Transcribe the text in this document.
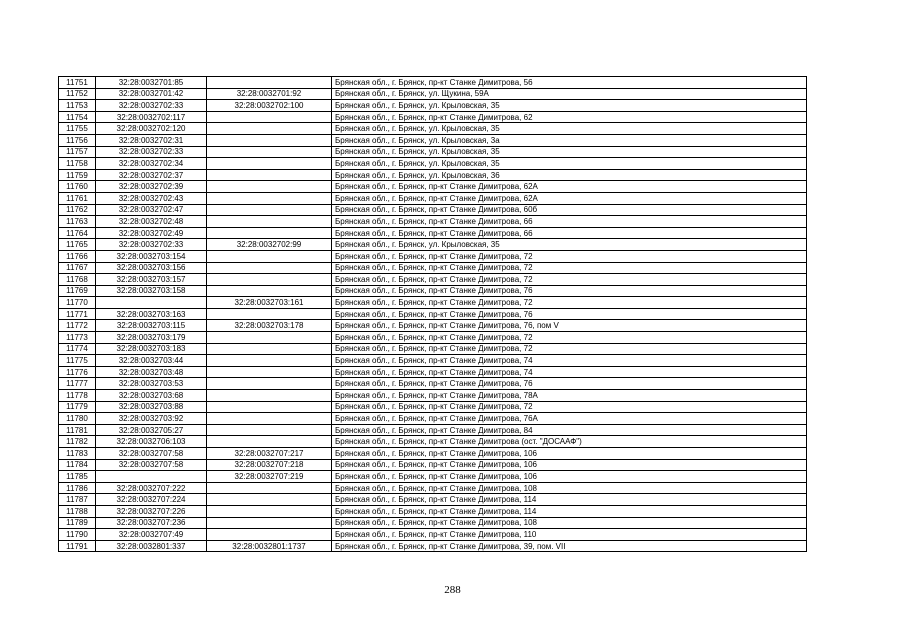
11751	32:28:0032701:85		Брянская обл., г. Брянск, пр-кт Станке Димитрова, 56
11752	32:28:0032701:42	32:28:0032701:92	Брянская обл., г. Брянск, ул. Щукина, 59А
11753	32:28:0032702:33	32:28:0032702:100	Брянская обл., г. Брянск, ул. Крыловская, 35
11754	32:28:0032702:117		Брянская обл., г. Брянск, пр-кт Станке Димитрова, 62
11755	32:28:0032702:120		Брянская обл., г. Брянск, ул. Крыловская, 35
11756	32:28:0032702:31		Брянская обл., г. Брянск, ул. Крыловская, 3а
11757	32:28:0032702:33		Брянская обл., г. Брянск, ул. Крыловская, 35
11758	32:28:0032702:34		Брянская обл., г. Брянск, ул. Крыловская, 35
11759	32:28:0032702:37		Брянская обл., г. Брянск, ул. Крыловская, 36
11760	32:28:0032702:39		Брянская обл., г. Брянск, пр-кт Станке Димитрова, 62А
11761	32:28:0032702:43		Брянская обл., г. Брянск, пр-кт Станке Димитрова, 62А
11762	32:28:0032702:47		Брянская обл., г. Брянск, пр-кт Станке Димитрова, 60б
11763	32:28:0032702:48		Брянская обл., г. Брянск, пр-кт Станке Димитрова, 66
11764	32:28:0032702:49		Брянская обл., г. Брянск, пр-кт Станке Димитрова, 66
11765	32:28:0032702:33	32:28:0032702:99	Брянская обл., г. Брянск, ул. Крыловская, 35
11766	32:28:0032703:154		Брянская обл., г. Брянск, пр-кт Станке Димитрова, 72
11767	32:28:0032703:156		Брянская обл., г. Брянск, пр-кт Станке Димитрова, 72
11768	32:28:0032703:157		Брянская обл., г. Брянск, пр-кт Станке Димитрова, 72
11769	32:28:0032703:158		Брянская обл., г. Брянск, пр-кт Станке Димитрова, 76
11770		32:28:0032703:161	Брянская обл., г. Брянск, пр-кт Станке Димитрова, 72
11771	32:28:0032703:163		Брянская обл., г. Брянск, пр-кт Станке Димитрова, 76
11772	32:28:0032703:115	32:28:0032703:178	Брянская обл., г. Брянск, пр-кт Станке Димитрова, 76, пом V
11773	32:28:0032703:179		Брянская обл., г. Брянск, пр-кт Станке Димитрова, 72
11774	32:28:0032703:183		Брянская обл., г. Брянск, пр-кт Станке Димитрова, 72
11775	32:28:0032703:44		Брянская обл., г. Брянск, пр-кт Станке Димитрова, 74
11776	32:28:0032703:48		Брянская обл., г. Брянск, пр-кт Станке Димитрова, 74
11777	32:28:0032703:53		Брянская обл., г. Брянск, пр-кт Станке Димитрова, 76
11778	32:28:0032703:68		Брянская обл., г. Брянск, пр-кт Станке Димитрова, 78А
11779	32:28:0032703:88		Брянская обл., г. Брянск, пр-кт Станке Димитрова, 72
11780	32:28:0032703:92		Брянская обл., г. Брянск, пр-кт Станке Димитрова, 76А
11781	32:28:0032705:27		Брянская обл., г. Брянск, пр-кт Станке Димитрова, 84
11782	32:28:0032706:103		Брянская обл., г. Брянск, пр-кт Станке Димитрова (ост. "ДОСААФ")
11783	32:28:0032707:58	32:28:0032707:217	Брянская обл., г. Брянск, пр-кт Станке Димитрова, 106
11784	32:28:0032707:58	32:28:0032707:218	Брянская обл., г. Брянск, пр-кт Станке Димитрова, 106
11785		32:28:0032707:219	Брянская обл., г. Брянск, пр-кт Станке Димитрова, 106
11786	32:28:0032707:222		Брянская обл., г. Брянск, пр-кт Станке Димитрова, 108
11787	32:28:0032707:224		Брянская обл., г. Брянск, пр-кт Станке Димитрова, 114
11788	32:28:0032707:226		Брянская обл., г. Брянск, пр-кт Станке Димитрова, 114
11789	32:28:0032707:236		Брянская обл., г. Брянск, пр-кт Станке Димитрова, 108
11790	32:28:0032707:49		Брянская обл., г. Брянск, пр-кт Станке Димитрова, 110
11791	32:28:0032801:337	32:28:0032801:1737	Брянская обл., г. Брянск, пр-кт Станке Димитрова, 39, пом. VII
288
